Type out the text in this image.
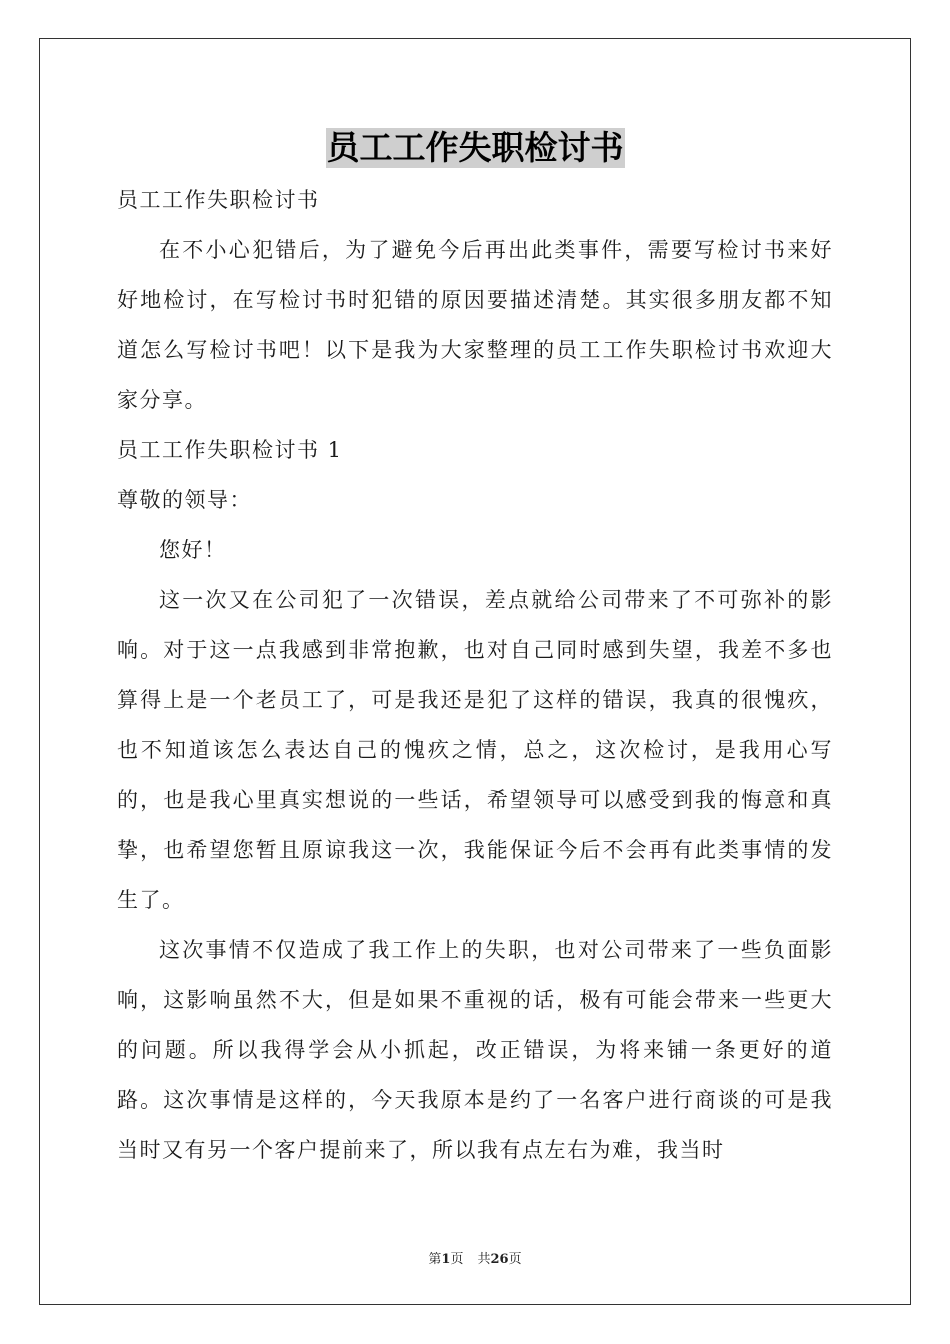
员工工作失职检讨书

员工工作失职检讨书

在不小心犯错后，为了避免今后再出此类事件，需要写检讨书来好好地检讨，在写检讨书时犯错的原因要描述清楚。其实很多朋友都不知道怎么写检讨书吧！以下是我为大家整理的员工工作失职检讨书欢迎大家分享。

员工工作失职检讨书 1

尊敬的领导：

您好！

这一次又在公司犯了一次错误，差点就给公司带来了不可弥补的影响。对于这一点我感到非常抱歉，也对自己同时感到失望，我差不多也算得上是一个老员工了，可是我还是犯了这样的错误，我真的很愧疚，也不知道该怎么表达自己的愧疚之情，总之，这次检讨，是我用心写的，也是我心里真实想说的一些话，希望领导可以感受到我的悔意和真挚，也希望您暂且原谅我这一次，我能保证今后不会再有此类事情的发生了。

这次事情不仅造成了我工作上的失职，也对公司带来了一些负面影响，这影响虽然不大，但是如果不重视的话，极有可能会带来一些更大的问题。所以我得学会从小抓起，改正错误，为将来铺一条更好的道路。这次事情是这样的，今天我原本是约了一名客户进行商谈的可是我当时又有另一个客户提前来了，所以我有点左右为难，我当时

第1页 共26页
